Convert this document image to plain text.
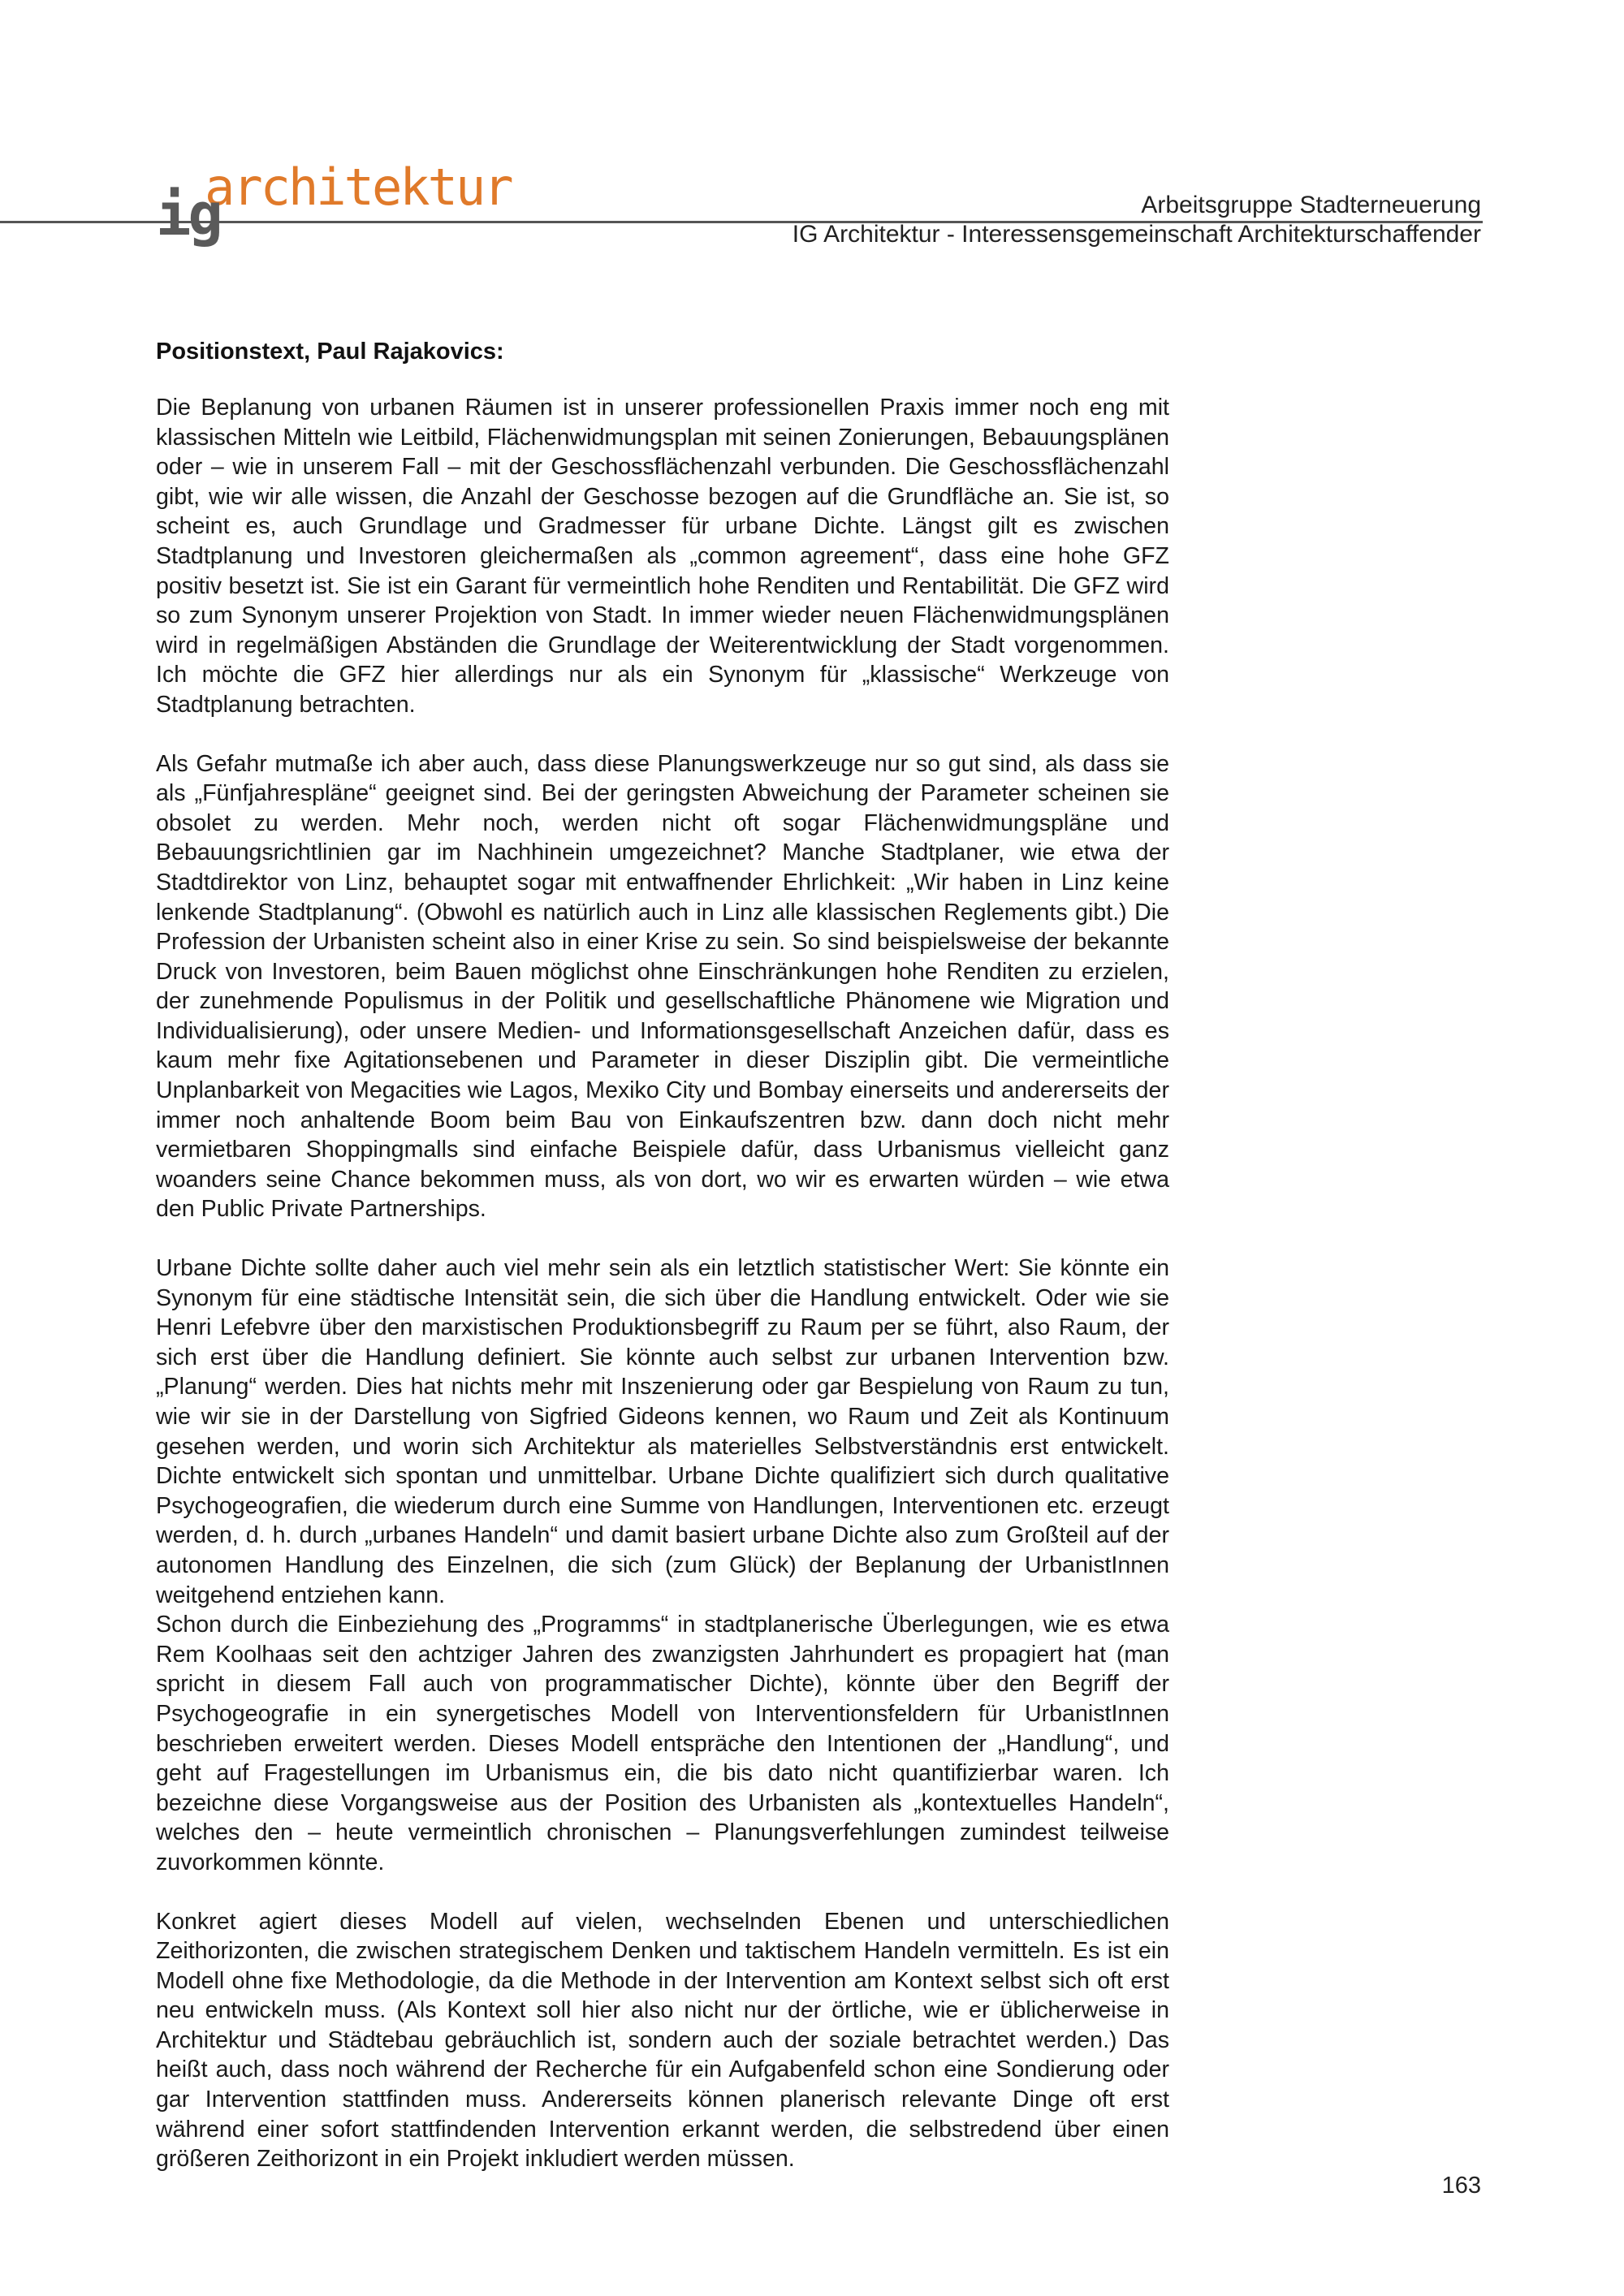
architektur
ig	Arbeitsgruppe Stadterneuerung
IG Architektur - Interessensgemeinschaft Architekturschaffender
Positionstext, Paul Rajakovics:

Die Beplanung von urbanen Räumen ist in unserer professionellen Praxis immer noch eng mit klassischen Mitteln wie Leitbild, Flächenwidmungsplan mit seinen Zonierungen, Bebauungsplänen oder – wie in unserem Fall – mit der Geschossflächenzahl verbunden. Die Geschossflächenzahl gibt, wie wir alle wissen, die Anzahl der Geschosse bezogen auf die Grundfläche an. Sie ist, so scheint es, auch Grundlage und Gradmesser für urbane Dichte. Längst gilt es zwischen Stadtplanung und Investoren gleichermaßen als „common agreement“, dass eine hohe GFZ positiv besetzt ist. Sie ist ein Garant für vermeintlich hohe Renditen und Rentabilität. Die GFZ wird so zum Synonym unserer Projektion von Stadt. In immer wieder neuen Flächenwidmungsplänen wird in regelmäßigen Abständen die Grundlage der Weiterentwicklung der Stadt vorgenommen. Ich möchte die GFZ hier allerdings nur als ein Synonym für „klassische“ Werkzeuge von Stadtplanung betrachten.

Als Gefahr mutmaße ich aber auch, dass diese Planungswerkzeuge nur so gut sind, als dass sie als „Fünfjahrespläne“ geeignet sind. Bei der geringsten Abweichung der Parameter scheinen sie obsolet zu werden. Mehr noch, werden nicht oft sogar Flächenwidmungspläne und Bebauungsrichtlinien gar im Nachhinein umgezeichnet? Manche Stadtplaner, wie etwa der Stadtdirektor von Linz, behauptet sogar mit entwaffnender Ehrlichkeit: „Wir haben in Linz keine lenkende Stadtplanung“. (Obwohl es natürlich auch in Linz alle klassischen Reglements gibt.) Die Profession der Urbanisten scheint also in einer Krise zu sein. So sind beispielsweise der bekannte Druck von Investoren, beim Bauen möglichst ohne Einschränkungen hohe Renditen zu erzielen, der zunehmende Populismus in der Politik und gesellschaftliche Phänomene wie Migration und Individualisierung), oder unsere Medien- und Informationsgesellschaft Anzeichen dafür, dass es kaum mehr fixe Agitationsebenen und Parameter in dieser Disziplin gibt. Die vermeintliche Unplanbarkeit von Megacities wie Lagos, Mexiko City und Bombay einerseits und andererseits der immer noch anhaltende Boom beim Bau von Einkaufszentren bzw. dann doch nicht mehr vermietbaren Shoppingmalls sind einfache Beispiele dafür, dass Urbanismus vielleicht ganz woanders seine Chance bekommen muss, als von dort, wo wir es erwarten würden – wie etwa den Public Private Partnerships.

Urbane Dichte sollte daher auch viel mehr sein als ein letztlich statistischer Wert: Sie könnte ein Synonym für eine städtische Intensität sein, die sich über die Handlung entwickelt. Oder wie sie Henri Lefebvre über den marxistischen Produktionsbegriff zu Raum per se führt, also Raum, der sich erst über die Handlung definiert. Sie könnte auch selbst zur urbanen Intervention bzw. „Planung“ werden. Dies hat nichts mehr mit Inszenierung oder gar Bespielung von Raum zu tun, wie wir sie in der Darstellung von Sigfried Gideons kennen, wo Raum und Zeit als Kontinuum gesehen werden, und worin sich Architektur als materielles Selbstverständnis erst entwickelt. Dichte entwickelt sich spontan und unmittelbar. Urbane Dichte qualifiziert sich durch qualitative Psychogeografien, die wiederum durch eine Summe von Handlungen, Interventionen etc. erzeugt werden, d. h. durch „urbanes Handeln“ und damit basiert urbane Dichte also zum Großteil auf der autonomen Handlung des Einzelnen, die sich (zum Glück) der Beplanung der UrbanistInnen weitgehend entziehen kann.

Schon durch die Einbeziehung des „Programms“ in stadtplanerische Überlegungen, wie es etwa Rem Koolhaas seit den achtziger Jahren des zwanzigsten Jahrhundert es propagiert hat (man spricht in diesem Fall auch von programmatischer Dichte), könnte über den Begriff der Psychogeografie in ein synergetisches Modell von Interventionsfeldern für UrbanistInnen beschrieben erweitert werden. Dieses Modell entspräche den Intentionen der „Handlung“, und geht auf Fragestellungen im Urbanismus ein, die bis dato nicht quantifizierbar waren. Ich bezeichne diese Vorgangsweise aus der Position des Urbanisten als „kontextuelles Handeln“, welches den – heute vermeintlich chronischen – Planungsverfehlungen zumindest teilweise zuvorkommen könnte.

Konkret agiert dieses Modell auf vielen, wechselnden Ebenen und unterschiedlichen Zeithorizonten, die zwischen strategischem Denken und taktischem Handeln vermitteln. Es ist ein Modell ohne fixe Methodologie, da die Methode in der Intervention am Kontext selbst sich oft erst neu entwickeln muss. (Als Kontext soll hier also nicht nur der örtliche, wie er üblicherweise in Architektur und Städtebau gebräuchlich ist, sondern auch der soziale betrachtet werden.) Das heißt auch, dass noch während der Recherche für ein Aufgabenfeld schon eine Sondierung oder gar Intervention stattfinden muss. Andererseits können planerisch relevante Dinge oft erst während einer sofort stattfindenden Intervention erkannt werden, die selbstredend über einen größeren Zeithorizont in ein Projekt inkludiert werden müssen.

163
